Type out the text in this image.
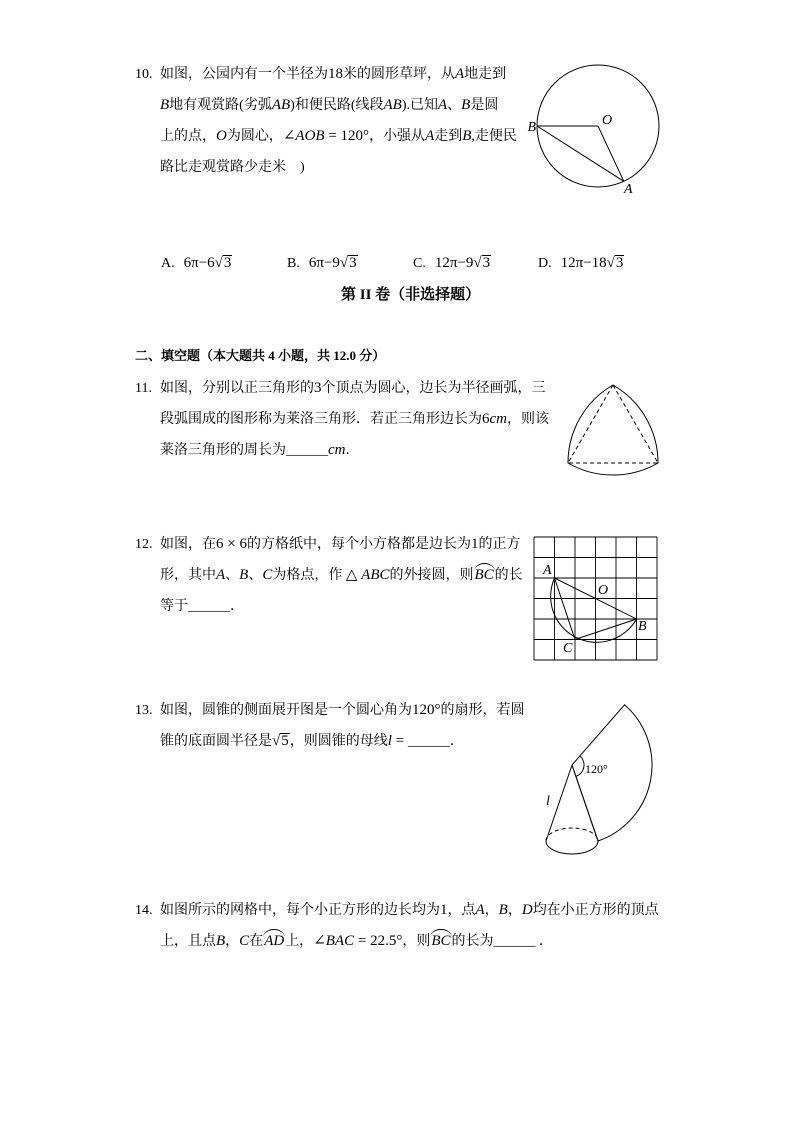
10. 如图，公园内有一个半径为18米的圆形草坪，从A地走到
B地有观赏路(劣弧AB)和便民路(线段AB).已知A、B是圆
上的点，O为圆心，∠AOB = 120°，小强从A走到B,走便民
路比走观赏路少走米　)
B	O
A
A. 6π−6√3	B. 6π−9√3	C. 12π−9√3	D. 12π−18√3
第 II 卷（非选择题）
二、填空题（本大题共 4 小题，共 12.0 分）
11. 如图，分别以正三角形的3个顶点为圆心，边长为半径画弧，三
段弧围成的图形称为莱洛三角形．若正三角形边长为6cm，则该
莱洛三角形的周长为______cm．
12. 如图，在6 × 6的方格纸中，每个小方格都是边长为1的正方
形，其中A、B、C为格点，作 △ ABC的外接圆，则BC的长
等于______．
A
O
B
C
13. 如图，圆锥的侧面展开图是一个圆心角为120°的扇形，若圆
锥的底面圆半径是√5，则圆锥的母线l = ______．
120°
l
14. 如图所示的网格中，每个小正方形的边长均为1，点A，B，D均在小正方形的顶点
上，且点B，C在AD上，∠BAC = 22.5°，则BC的长为______ ．
